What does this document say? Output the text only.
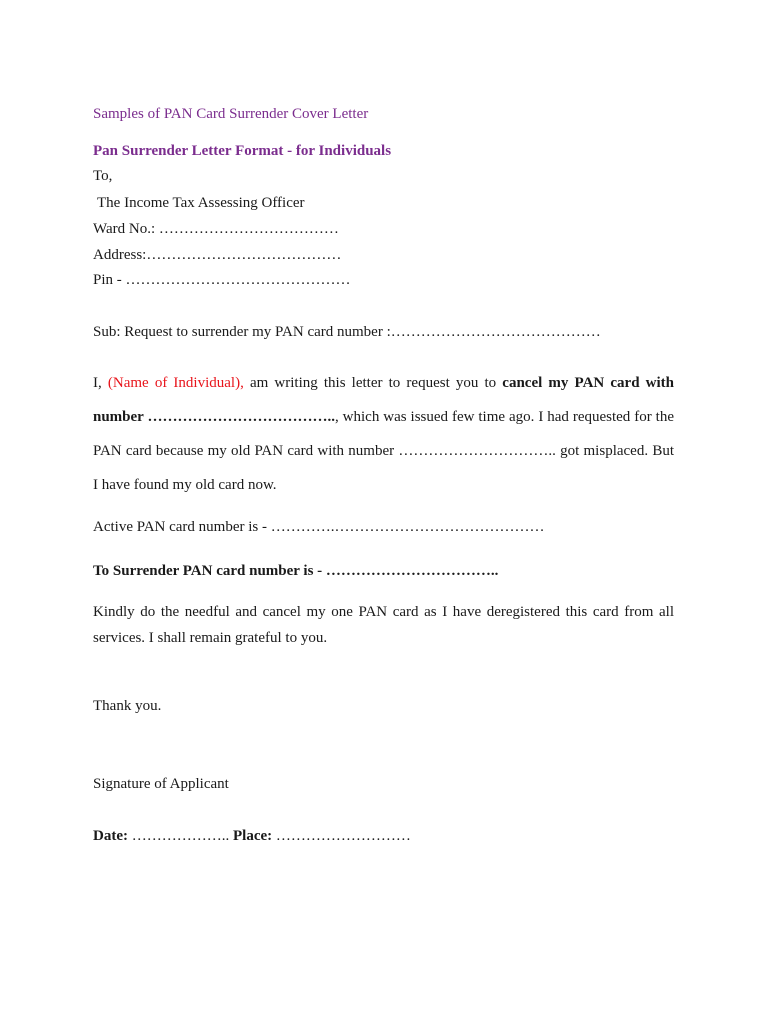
Samples of PAN Card Surrender Cover Letter
Pan Surrender Letter Format - for Individuals
To,
The Income Tax Assessing Officer
Ward No.: ………………………………
Address:…………………………………
Pin - ………………………………………
Sub: Request to surrender my PAN card number :……………………………………
I, (Name of Individual), am writing this letter to request you to cancel my PAN card with number ……………………………….., which was issued few time ago. I had requested for the PAN card because my old PAN card with number ………………………….. got misplaced. But I have found my old card now.
Active PAN card number is - ………….……………………………………
To Surrender PAN card number is - ……………………………..
Kindly do the needful and cancel my one PAN card as I have deregistered this card from all services. I shall remain grateful to you.
Thank you.
Signature of Applicant
Date: ……………….. Place: ………………………
